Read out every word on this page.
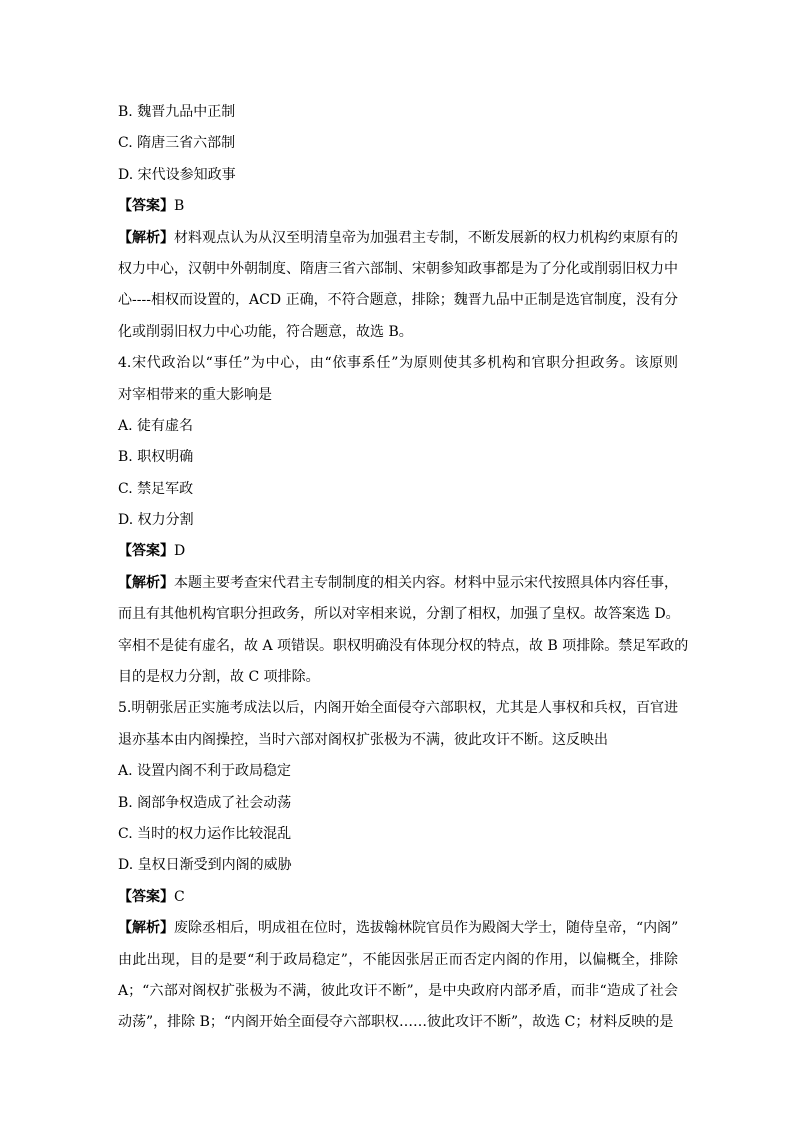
B. 魏晋九品中正制
C. 隋唐三省六部制
D. 宋代设参知政事
【答案】B
【解析】材料观点认为从汉至明清皇帝为加强君主专制，不断发展新的权力机构约束原有的
权力中心，汉朝中外朝制度、隋唐三省六部制、宋朝参知政事都是为了分化或削弱旧权力中
心----相权而设置的，ACD 正确，不符合题意，排除；魏晋九品中正制是选官制度，没有分
化或削弱旧权力中心功能，符合题意，故选 B。
4.宋代政治以“事任”为中心，由“依事系任”为原则使其多机构和官职分担政务。该原则
对宰相带来的重大影响是
A. 徒有虚名
B. 职权明确
C. 禁足军政
D. 权力分割
【答案】D
【解析】本题主要考查宋代君主专制制度的相关内容。材料中显示宋代按照具体内容任事，
而且有其他机构官职分担政务，所以对宰相来说，分割了相权，加强了皇权。故答案选 D。
宰相不是徒有虚名，故 A 项错误。职权明确没有体现分权的特点，故 B 项排除。禁足军政的
目的是权力分割，故 C 项排除。
5.明朝张居正实施考成法以后，内阁开始全面侵夺六部职权，尤其是人事权和兵权，百官进
退亦基本由内阁操控，当时六部对阁权扩张极为不满，彼此攻讦不断。这反映出
A. 设置内阁不利于政局稳定
B. 阁部争权造成了社会动荡
C. 当时的权力运作比较混乱
D. 皇权日渐受到内阁的威胁
【答案】C
【解析】废除丞相后，明成祖在位时，选拔翰林院官员作为殿阁大学士，随侍皇帝，“内阁”
由此出现，目的是要“利于政局稳定”，不能因张居正而否定内阁的作用，以偏概全，排除
A；“六部对阁权扩张极为不满，彼此攻讦不断”，是中央政府内部矛盾，而非“造成了社会
动荡”，排除 B；“内阁开始全面侵夺六部职权……彼此攻讦不断”，故选 C；材料反映的是
